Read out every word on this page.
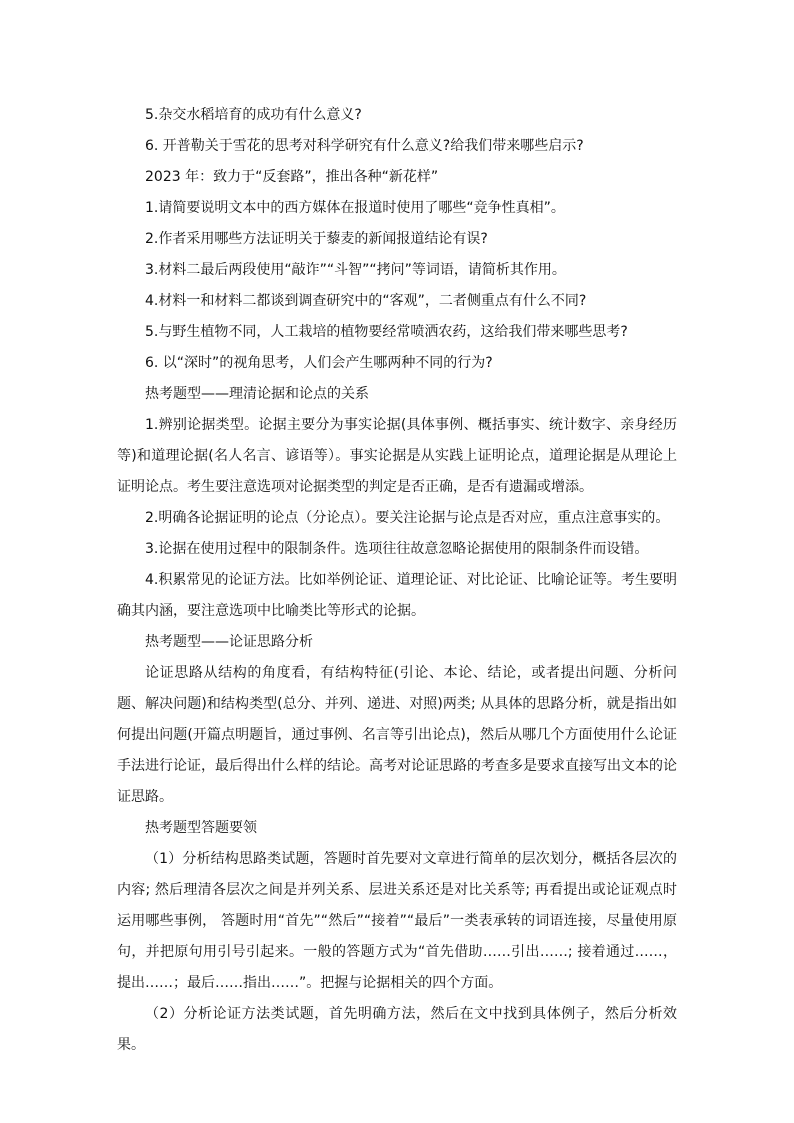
5.杂交水稻培育的成功有什么意义?

6. 开普勒关于雪花的思考对科学研究有什么意义?给我们带来哪些启示?

2023 年：致力于“反套路”，推出各种“新花样”

1.请简要说明文本中的西方媒体在报道时使用了哪些“竞争性真相”。

2.作者采用哪些方法证明关于藜麦的新闻报道结论有误?

3.材料二最后两段使用“敲诈”“斗智”“拷问”等词语，请简析其作用。

4.材料一和材料二都谈到调查研究中的“客观”，二者侧重点有什么不同?

5.与野生植物不同，人工栽培的植物要经常喷洒农药，这给我们带来哪些思考?

6. 以“深时”的视角思考，人们会产生哪两种不同的行为?

热考题型——理清论据和论点的关系

1.辨别论据类型。论据主要分为事实论据(具体事例、概括事实、统计数字、亲身经历等)和道理论据(名人名言、谚语等）。事实论据是从实践上证明论点，道理论据是从理论上证明论点。考生要注意选项对论据类型的判定是否正确，是否有遗漏或增添。

2.明确各论据证明的论点（分论点）。要关注论据与论点是否对应，重点注意事实的。

3.论据在使用过程中的限制条件。选项往往故意忽略论据使用的限制条件而设错。

4.积累常见的论证方法。比如举例论证、道理论证、对比论证、比喻论证等。考生要明确其内涵，要注意选项中比喻类比等形式的论据。

热考题型——论证思路分析

论证思路从结构的角度看，有结构特征(引论、本论、结论，或者提出问题、分析问题、解决问题)和结构类型(总分、并列、递进、对照)两类; 从具体的思路分析，就是指出如何提出问题(开篇点明题旨，通过事例、名言等引出论点)，然后从哪几个方面使用什么论证手法进行论证，最后得出什么样的结论。高考对论证思路的考查多是要求直接写出文本的论证思路。

热考题型答题要领

（1）分析结构思路类试题，答题时首先要对文章进行简单的层次划分，概括各层次的内容; 然后理清各层次之间是并列关系、层进关系还是对比关系等; 再看提出或论证观点时运用哪些事例， 答题时用“首先”“然后”“接着”“最后”一类表承转的词语连接，尽量使用原句，并把原句用引号引起来。一般的答题方式为“首先借助……引出……; 接着通过……，提出……；最后……指出……”。把握与论据相关的四个方面。

（2）分析论证方法类试题，首先明确方法，然后在文中找到具体例子，然后分析效果。
